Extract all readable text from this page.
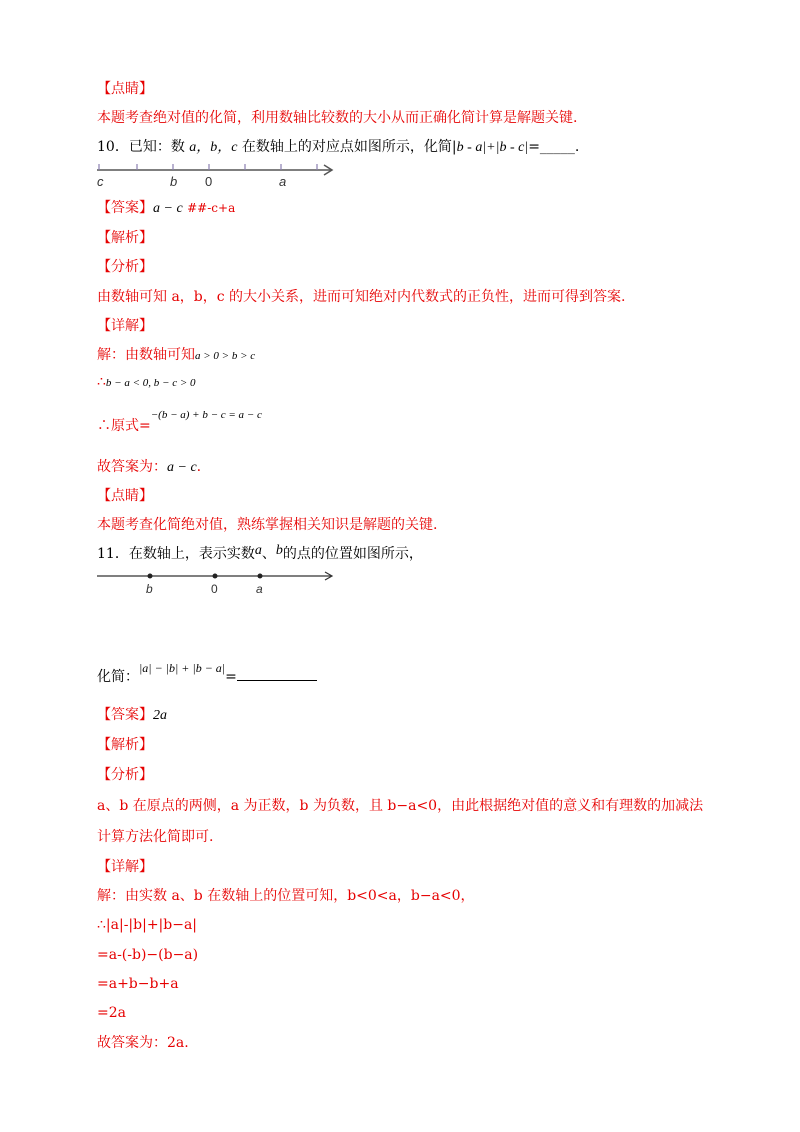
【点睛】
本题考查绝对值的化简，利用数轴比较数的大小从而正确化简计算是解题关键.
10．已知：数 a，b，c 在数轴上的对应点如图所示，化简|b - a|+|b - c|=_____.
c	b 0	a
【答案】a − c ##-c+a
【解析】
【分析】
由数轴可知 a，b，c 的大小关系，进而可知绝对内代数式的正负性，进而可得到答案.
【详解】
解：由数轴可知a > 0 > b > c
∴b − a < 0, b − c > 0
∴原式=$^{-(b - a) + b - c = a - c}$
故答案为：a − c.
【点睛】
本题考查化简绝对值，熟练掌握相关知识是解题的关键.
11．在数轴上，表示实数a、b的点的位置如图所示，
b	0	a
化简：|a| − |b| + |b − a|=
【答案】2a
【解析】
【分析】
a、b 在原点的两侧，a 为正数，b 为负数，且 b−a<0，由此根据绝对值的意义和有理数的加减法
计算方法化简即可.
【详解】
解：由实数 a、b 在数轴上的位置可知，b<0<a，b−a<0，
∴|a|-|b|+|b−a|
=a-(-b)−(b−a)
=a+b−b+a
=2a
故答案为：2a.
